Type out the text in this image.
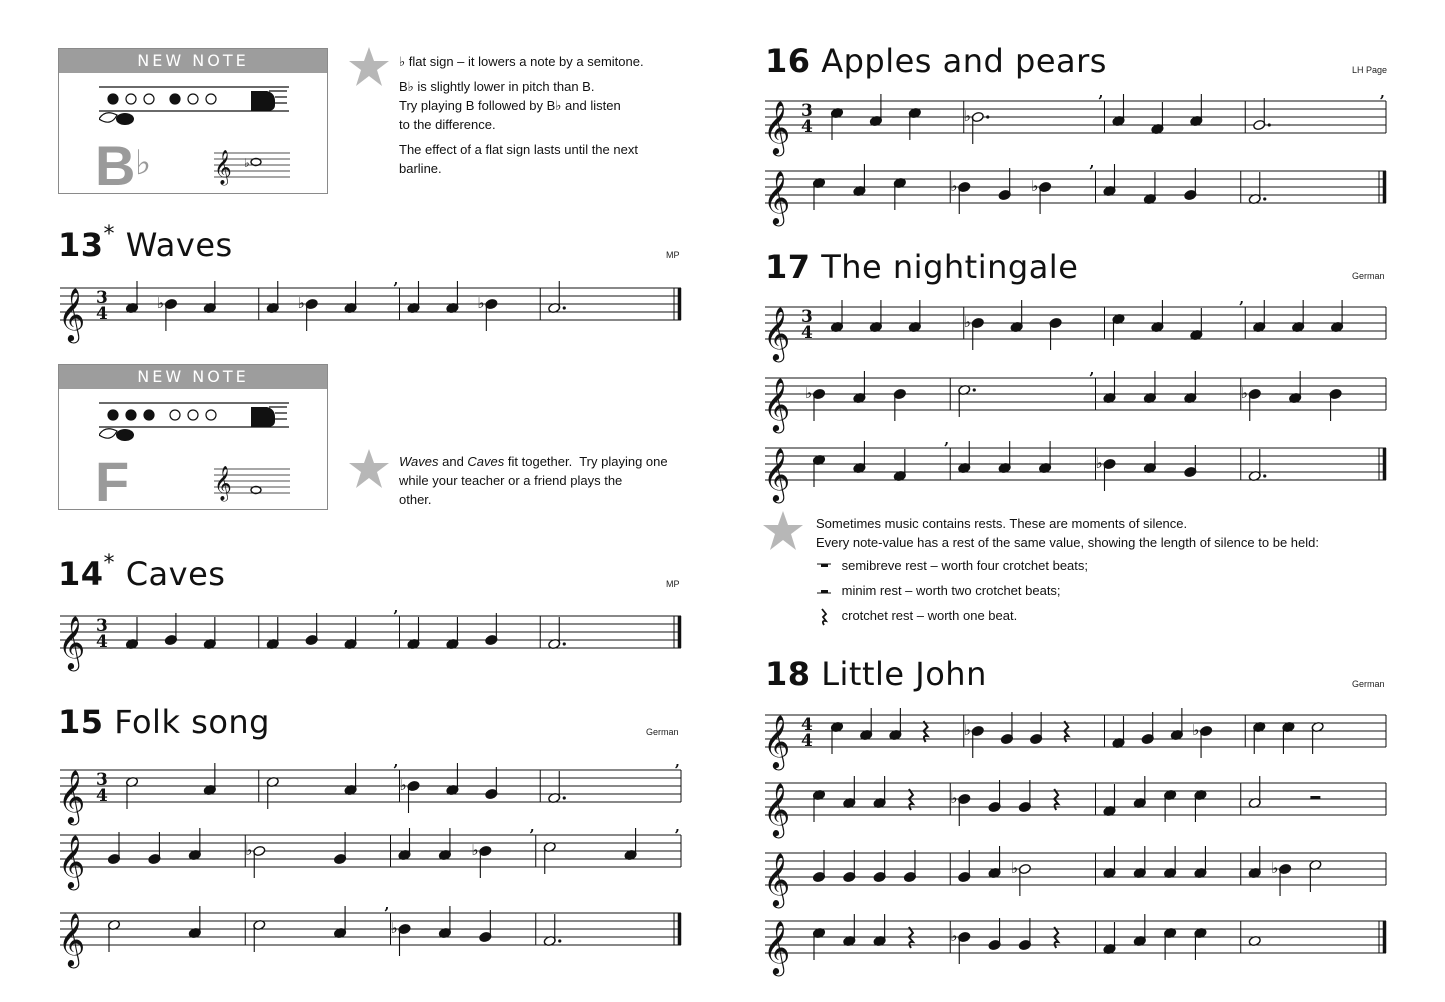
NEW NOTE
B ♭ 𝄞 ♭
♭ flat sign – it lowers a note by a semitone.
B♭ is slightly lower in pitch than B.
Try playing B followed by B♭ and listen
to the difference.
The effect of a flat sign lasts until the next
barline.
13* Waves	MP
𝄞 3
4
♭	♭
,
♭
NEW NOTE
F	𝄞
Waves and Caves fit together.  Try playing one
while your teacher or a friend plays the
other.
14* Caves	MP
𝄞 3
4
,
15 Folk song	German
𝄞 3
4
,
♭
,
𝄞	♭	♭
,	,
𝄞
,
♭
16 Apples and pears	LH Page
𝄞 3
4
♭
,	,
𝄞	♭	♭
,
17 The nightingale	German
𝄞 3
4
♭
,
𝄞 ♭
,
♭
𝄞
,
♭
Sometimes music contains rests. These are moments of silence.
Every note-value has a rest of the same value, showing the length of silence to be held:
semibreve rest – worth four crotchet beats;
minim rest – worth two crotchet beats;
crotchet rest – worth one beat.
18 Little John	German
𝄞 4
4
♭	♭
𝄞	♭
𝄞	♭	♭
𝄞	♭
